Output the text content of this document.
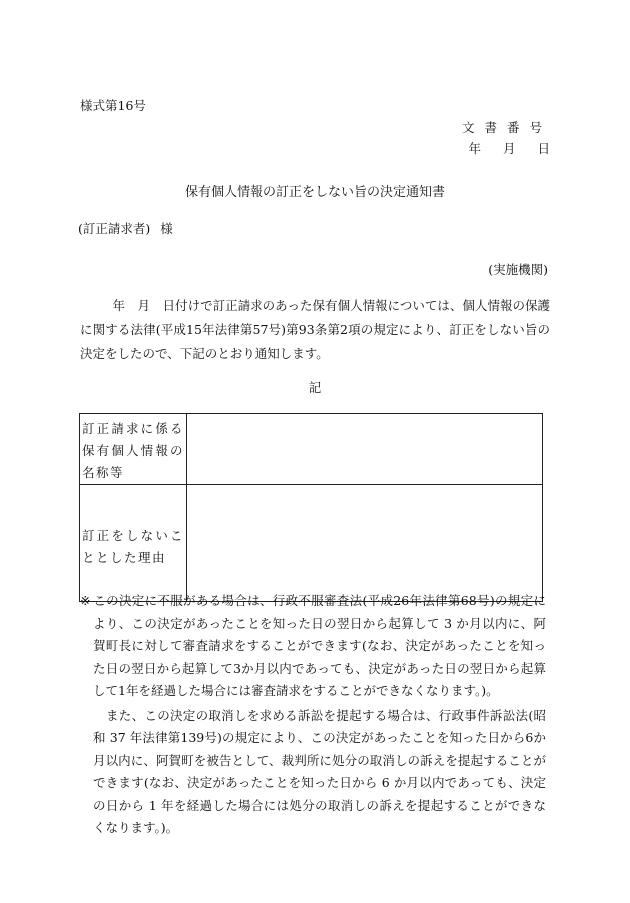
様式第16号
文書番号
年 月 日
保有個人情報の訂正をしない旨の決定通知書
(訂正請求者) 様
(実施機関)

年　月　日付けで訂正請求のあった保有個人情報については、個人情報の保護に関する法律(平成15年法律第57号)第93条第2項の規定により、訂正をしない旨の決定をしたので、下記のとおり通知します。

記
訂正請求に係る保有個人情報の名称等	
訂正をしないこととした理由	

※ この決定に不服がある場合は、行政不服審査法(平成26年法律第68号)の規定により、この決定があったことを知った日の翌日から起算して 3 か月以内に、阿賀町長に対して審査請求をすることができます(なお、決定があったことを知った日の翌日から起算して3か月以内であっても、決定があった日の翌日から起算して1年を経過した場合には審査請求をすることができなくなります。)。

また、この決定の取消しを求める訴訟を提起する場合は、行政事件訴訟法(昭和 37 年法律第139号)の規定により、この決定があったことを知った日から6か月以内に、阿賀町を被告として、裁判所に処分の取消しの訴えを提起することができます(なお、決定があったことを知った日から 6 か月以内であっても、決定の日から 1 年を経過した場合には処分の取消しの訴えを提起することができなくなります。)。
